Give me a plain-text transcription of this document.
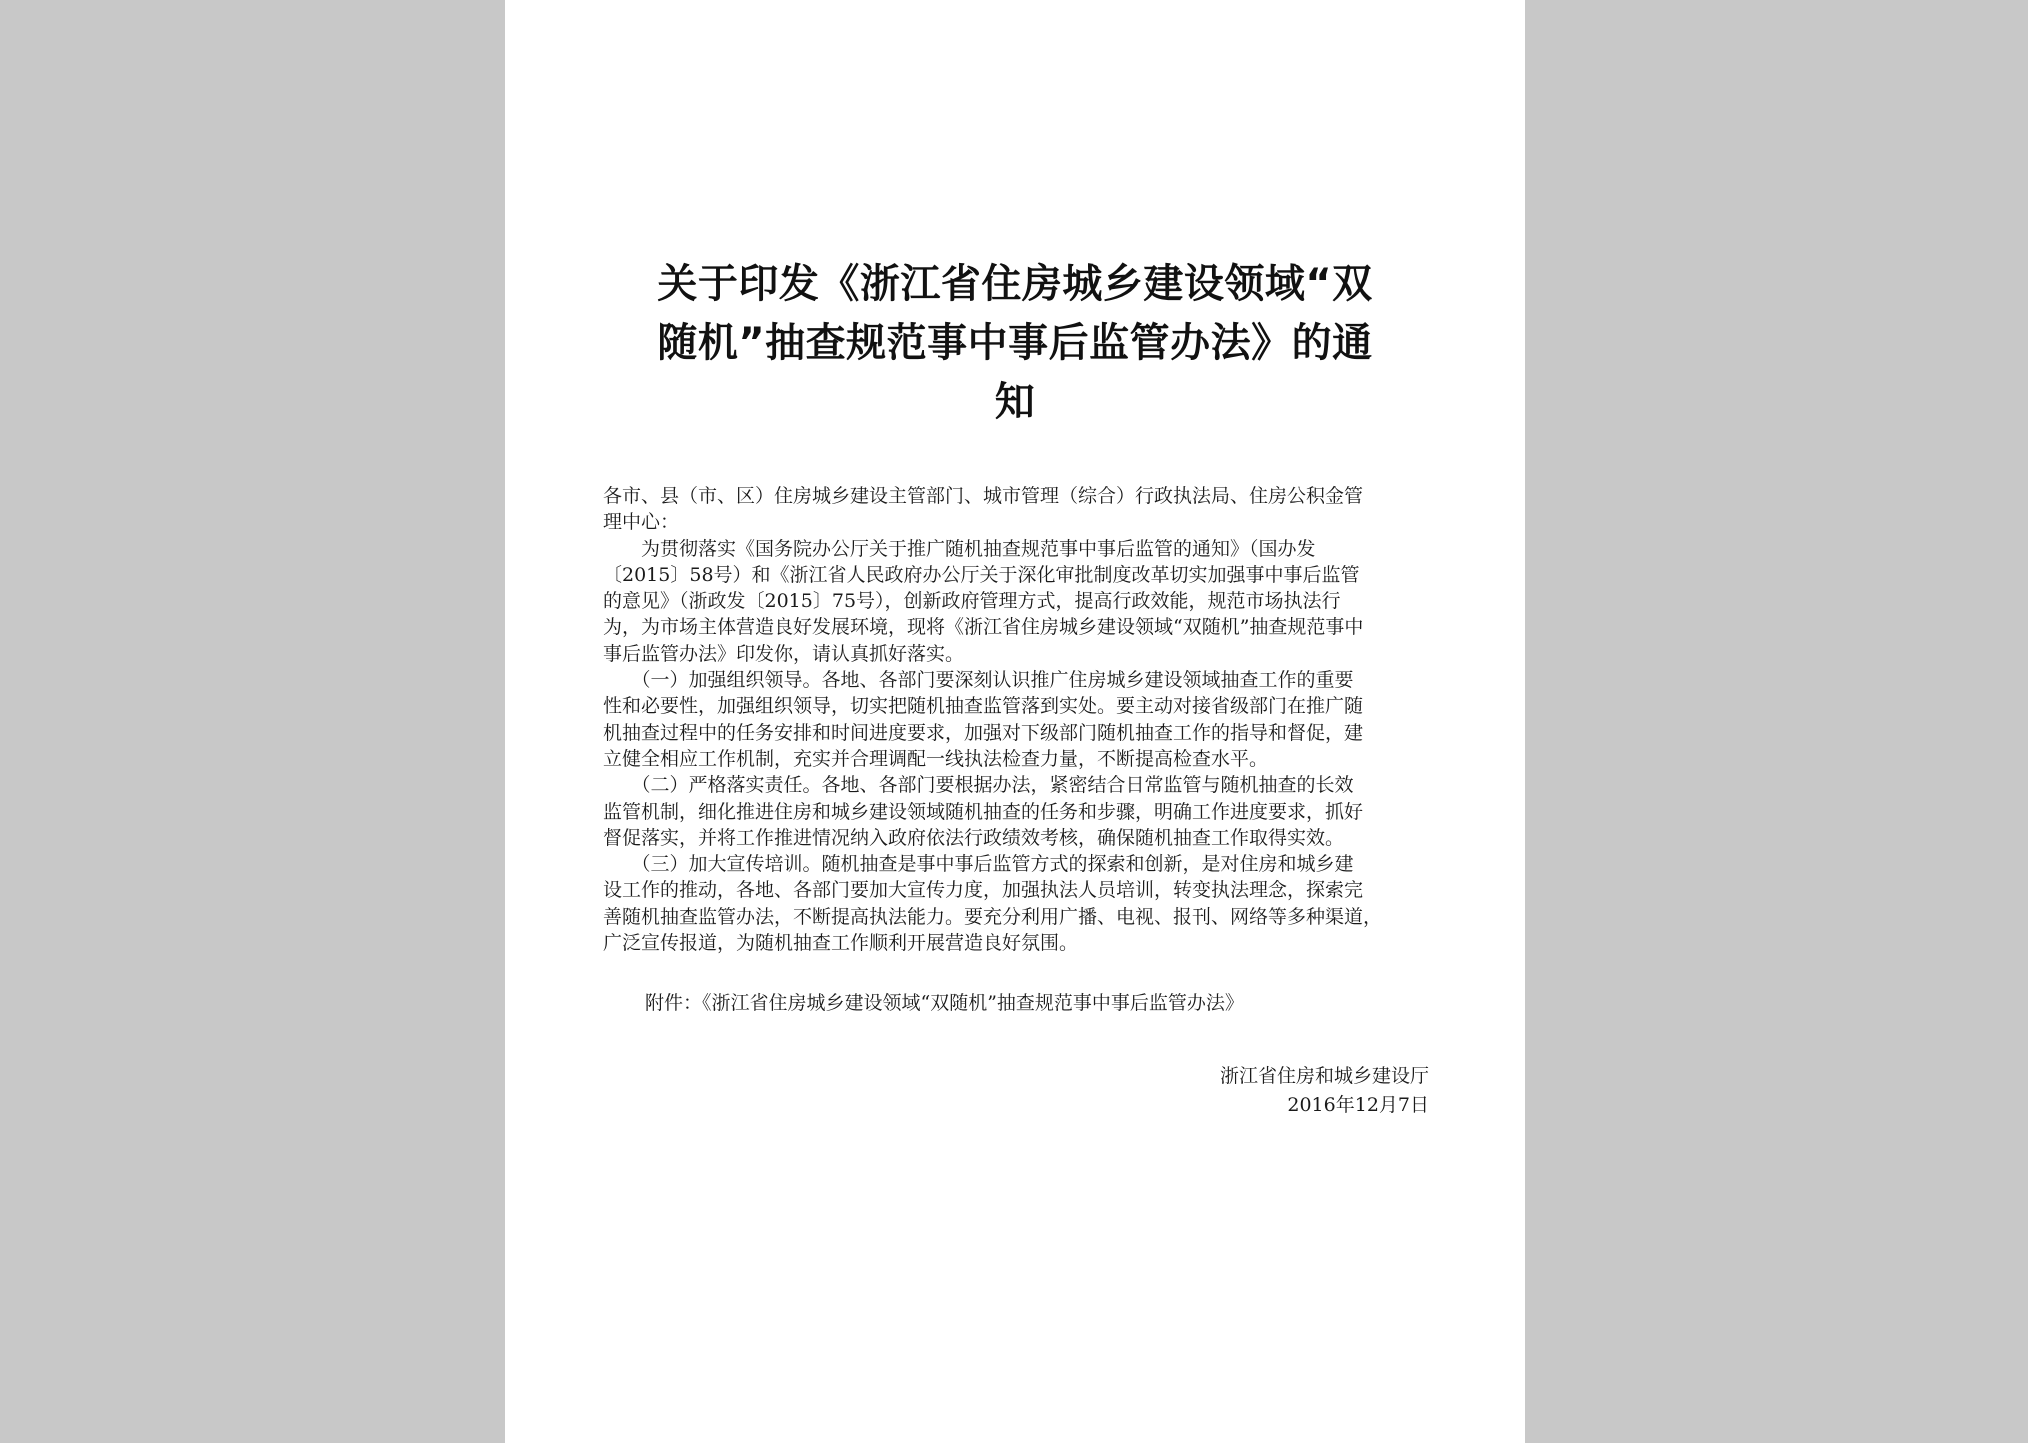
关于印发《浙江省住房城乡建设领域“双
随机”抽查规范事中事后监管办法》的通
知

各市、县（市、区）住房城乡建设主管部门、城市管理（综合）行政执法局、住房公积金管
理中心：

　　为贯彻落实《国务院办公厅关于推广随机抽查规范事中事后监管的通知》（国办发
〔2015〕58号）和《浙江省人民政府办公厅关于深化审批制度改革切实加强事中事后监管
的意见》（浙政发〔2015〕75号），创新政府管理方式，提高行政效能，规范市场执法行
为，为市场主体营造良好发展环境，现将《浙江省住房城乡建设领域“双随机”抽查规范事中
事后监管办法》印发你，请认真抓好落实。

　　（一）加强组织领导。各地、各部门要深刻认识推广住房城乡建设领域抽查工作的重要
性和必要性，加强组织领导，切实把随机抽查监管落到实处。要主动对接省级部门在推广随
机抽查过程中的任务安排和时间进度要求，加强对下级部门随机抽查工作的指导和督促，建
立健全相应工作机制，充实并合理调配一线执法检查力量，不断提高检查水平。

　　（二）严格落实责任。各地、各部门要根据办法，紧密结合日常监管与随机抽查的长效
监管机制，细化推进住房和城乡建设领域随机抽查的任务和步骤，明确工作进度要求，抓好
督促落实，并将工作推进情况纳入政府依法行政绩效考核，确保随机抽查工作取得实效。

　　（三）加大宣传培训。随机抽查是事中事后监管方式的探索和创新，是对住房和城乡建
设工作的推动，各地、各部门要加大宣传力度，加强执法人员培训，转变执法理念，探索完
善随机抽查监管办法，不断提高执法能力。要充分利用广播、电视、报刊、网络等多种渠道，
广泛宣传报道，为随机抽查工作顺利开展营造良好氛围。

附件：《浙江省住房城乡建设领域“双随机”抽查规范事中事后监管办法》
浙江省住房和城乡建设厅
2016年12月7日
